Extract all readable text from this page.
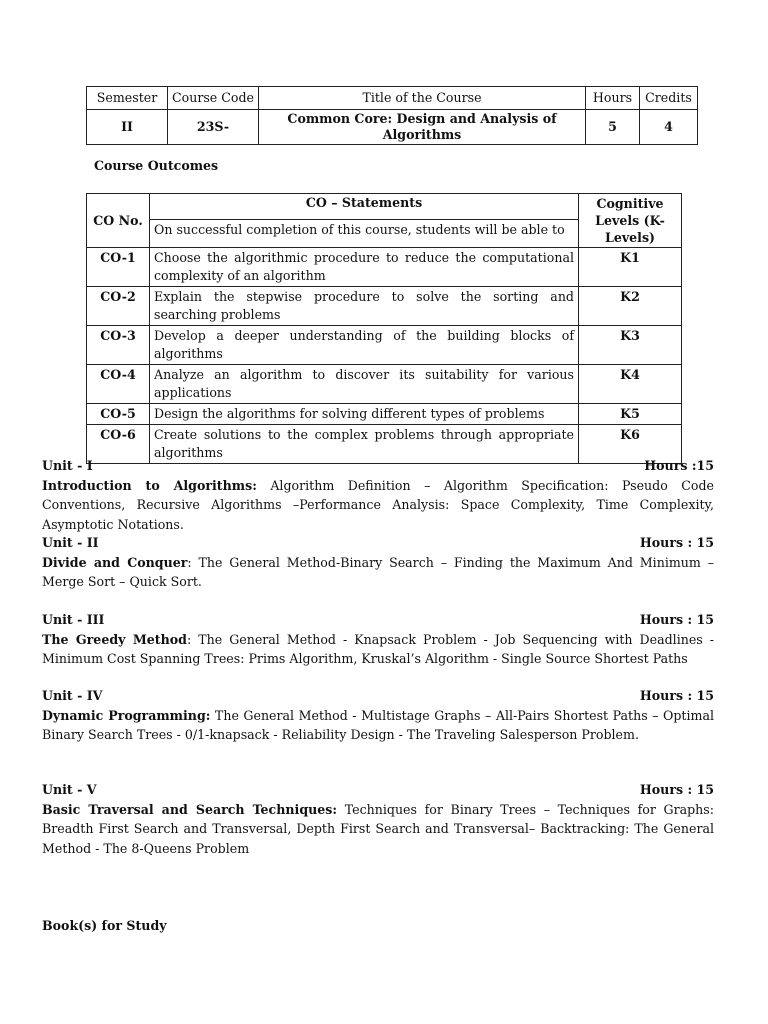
Semester	Course Code	Title of the Course	Hours	Credits
II	23S-	Common Core: Design and Analysis of Algorithms	5	4
Course Outcomes
CO No.	CO – Statements	Cognitive Levels (K-Levels)
	On successful completion of this course, students will be able to	
CO-1	Choose the algorithmic procedure to reduce the computational complexity of an algorithm	K1
CO-2	Explain the stepwise procedure to solve the sorting and searching problems	K2
CO-3	Develop a deeper understanding of the building blocks of algorithms	K3
CO-4	Analyze an algorithm to discover its suitability for various applications	K4
CO-5	Design the algorithms for solving different types of problems	K5
CO-6	Create solutions to the complex problems through appropriate algorithms	K6
Unit - I	Hours :15
Introduction to Algorithms: Algorithm Definition – Algorithm Specification: Pseudo Code Conventions, Recursive Algorithms –Performance Analysis: Space Complexity, Time Complexity, Asymptotic Notations.
Unit - II	Hours : 15
Divide and Conquer: The General Method-Binary Search – Finding the Maximum And Minimum – Merge Sort – Quick Sort.
Unit - III	Hours : 15
The Greedy Method: The General Method - Knapsack Problem - Job Sequencing with Deadlines - Minimum Cost Spanning Trees: Prims Algorithm, Kruskal’s Algorithm - Single Source Shortest Paths
Unit - IV	Hours : 15
Dynamic Programming: The General Method - Multistage Graphs – All-Pairs Shortest Paths – Optimal Binary Search Trees - 0/1-knapsack - Reliability Design - The Traveling Salesperson Problem.
Unit - V	Hours : 15
Basic Traversal and Search Techniques: Techniques for Binary Trees – Techniques for Graphs: Breadth First Search and Transversal, Depth First Search and Transversal– Backtracking: The General Method - The 8-Queens Problem
Book(s) for Study
